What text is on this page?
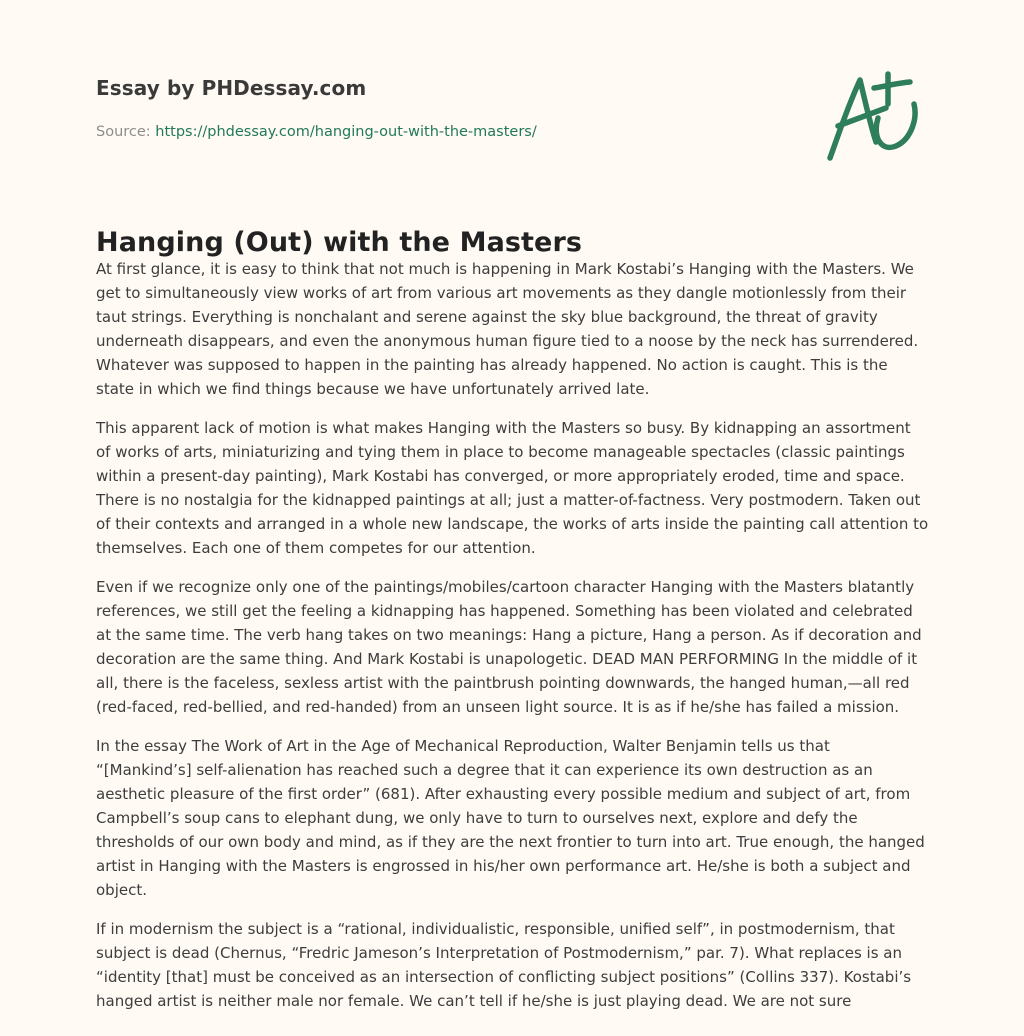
Essay by PHDessay.com
Source: https://phdessay.com/hanging-out-with-the-masters/
Hanging (Out) with the Masters

At first glance, it is easy to think that not much is happening in Mark Kostabi’s Hanging with the Masters. We get to simultaneously view works of art from various art movements as they dangle motionlessly from their taut strings. Everything is nonchalant and serene against the sky blue background, the threat of gravity underneath disappears, and even the anonymous human figure tied to a noose by the neck has surrendered. Whatever was supposed to happen in the painting has already happened. No action is caught. This is the state in which we find things because we have unfortunately arrived late.

This apparent lack of motion is what makes Hanging with the Masters so busy. By kidnapping an assortment of works of arts, miniaturizing and tying them in place to become manageable spectacles (classic paintings within a present-day painting), Mark Kostabi has converged, or more appropriately eroded, time and space. There is no nostalgia for the kidnapped paintings at all; just a matter-of-factness. Very postmodern. Taken out of their contexts and arranged in a whole new landscape, the works of arts inside the painting call attention to themselves. Each one of them competes for our attention.

Even if we recognize only one of the paintings/mobiles/cartoon character Hanging with the Masters blatantly references, we still get the feeling a kidnapping has happened. Something has been violated and celebrated at the same time. The verb hang takes on two meanings: Hang a picture, Hang a person. As if decoration and decoration are the same thing. And Mark Kostabi is unapologetic. DEAD MAN PERFORMING In the middle of it all, there is the faceless, sexless artist with the paintbrush pointing downwards, the hanged human,—all red (red-faced, red-bellied, and red-handed) from an unseen light source. It is as if he/she has failed a mission.

In the essay The Work of Art in the Age of Mechanical Reproduction, Walter Benjamin tells us that “[Mankind’s] self-alienation has reached such a degree that it can experience its own destruction as an aesthetic pleasure of the first order” (681). After exhausting every possible medium and subject of art, from Campbell’s soup cans to elephant dung, we only have to turn to ourselves next, explore and defy the thresholds of our own body and mind, as if they are the next frontier to turn into art. True enough, the hanged artist in Hanging with the Masters is engrossed in his/her own performance art. He/she is both a subject and object.

If in modernism the subject is a “rational, individualistic, responsible, unified self”, in postmodernism, that subject is dead (Chernus, “Fredric Jameson’s Interpretation of Postmodernism,” par. 7). What replaces is an “identity [that] must be conceived as an intersection of conflicting subject positions” (Collins 337). Kostabi’s hanged artist is neither male nor female. We can’t tell if he/she is just playing dead. We are not sure
